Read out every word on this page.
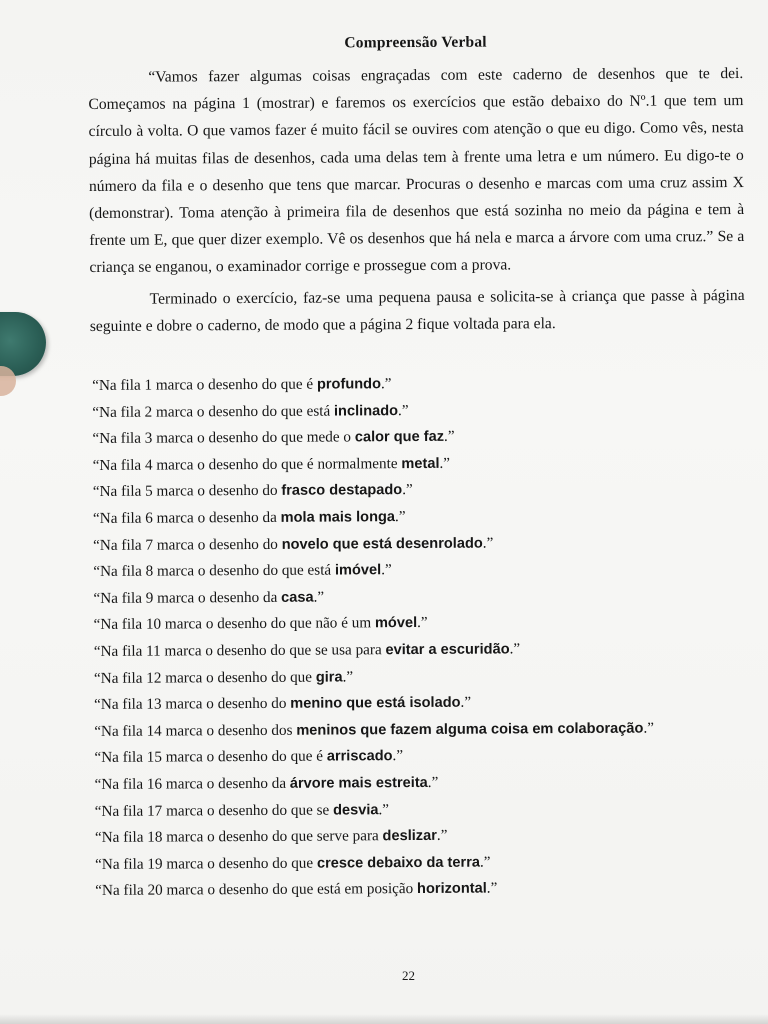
Compreensão Verbal

“Vamos fazer algumas coisas engraçadas com este caderno de desenhos que te dei. Começamos na página 1 (mostrar) e faremos os exercícios que estão debaixo do Nº.1 que tem um círculo à volta. O que vamos fazer é muito fácil se ouvires com atenção o que eu digo. Como vês, nesta página há muitas filas de desenhos, cada uma delas tem à frente uma letra e um número. Eu digo-te o número da fila e o desenho que tens que marcar. Procuras o desenho e marcas com uma cruz assim X (demonstrar). Toma atenção à primeira fila de desenhos que está sozinha no meio da página e tem à frente um E, que quer dizer exemplo. Vê os desenhos que há nela e marca a árvore com uma cruz.” Se a criança se enganou, o examinador corrige e prossegue com a prova.

Terminado o exercício, faz-se uma pequena pausa e solicita-se à criança que passe à página seguinte e dobre o caderno, de modo que a página 2 fique voltada para ela.

“Na fila 1 marca o desenho do que é profundo.”
“Na fila 2 marca o desenho do que está inclinado.”
“Na fila 3 marca o desenho do que mede o calor que faz.”
“Na fila 4 marca o desenho do que é normalmente metal.”
“Na fila 5 marca o desenho do frasco destapado.”
“Na fila 6 marca o desenho da mola mais longa.”
“Na fila 7 marca o desenho do novelo que está desenrolado.”
“Na fila 8 marca o desenho do que está imóvel.”
“Na fila 9 marca o desenho da casa.”
“Na fila 10 marca o desenho do que não é um móvel.”
“Na fila 11 marca o desenho do que se usa para evitar a escuridão.”
“Na fila 12 marca o desenho do que gira.”
“Na fila 13 marca o desenho do menino que está isolado.”
“Na fila 14 marca o desenho dos meninos que fazem alguma coisa em colaboração.”
“Na fila 15 marca o desenho do que é arriscado.”
“Na fila 16 marca o desenho da árvore mais estreita.”
“Na fila 17 marca o desenho do que se desvia.”
“Na fila 18 marca o desenho do que serve para deslizar.”
“Na fila 19 marca o desenho do que cresce debaixo da terra.”
“Na fila 20 marca o desenho do que está em posição horizontal.”
22
